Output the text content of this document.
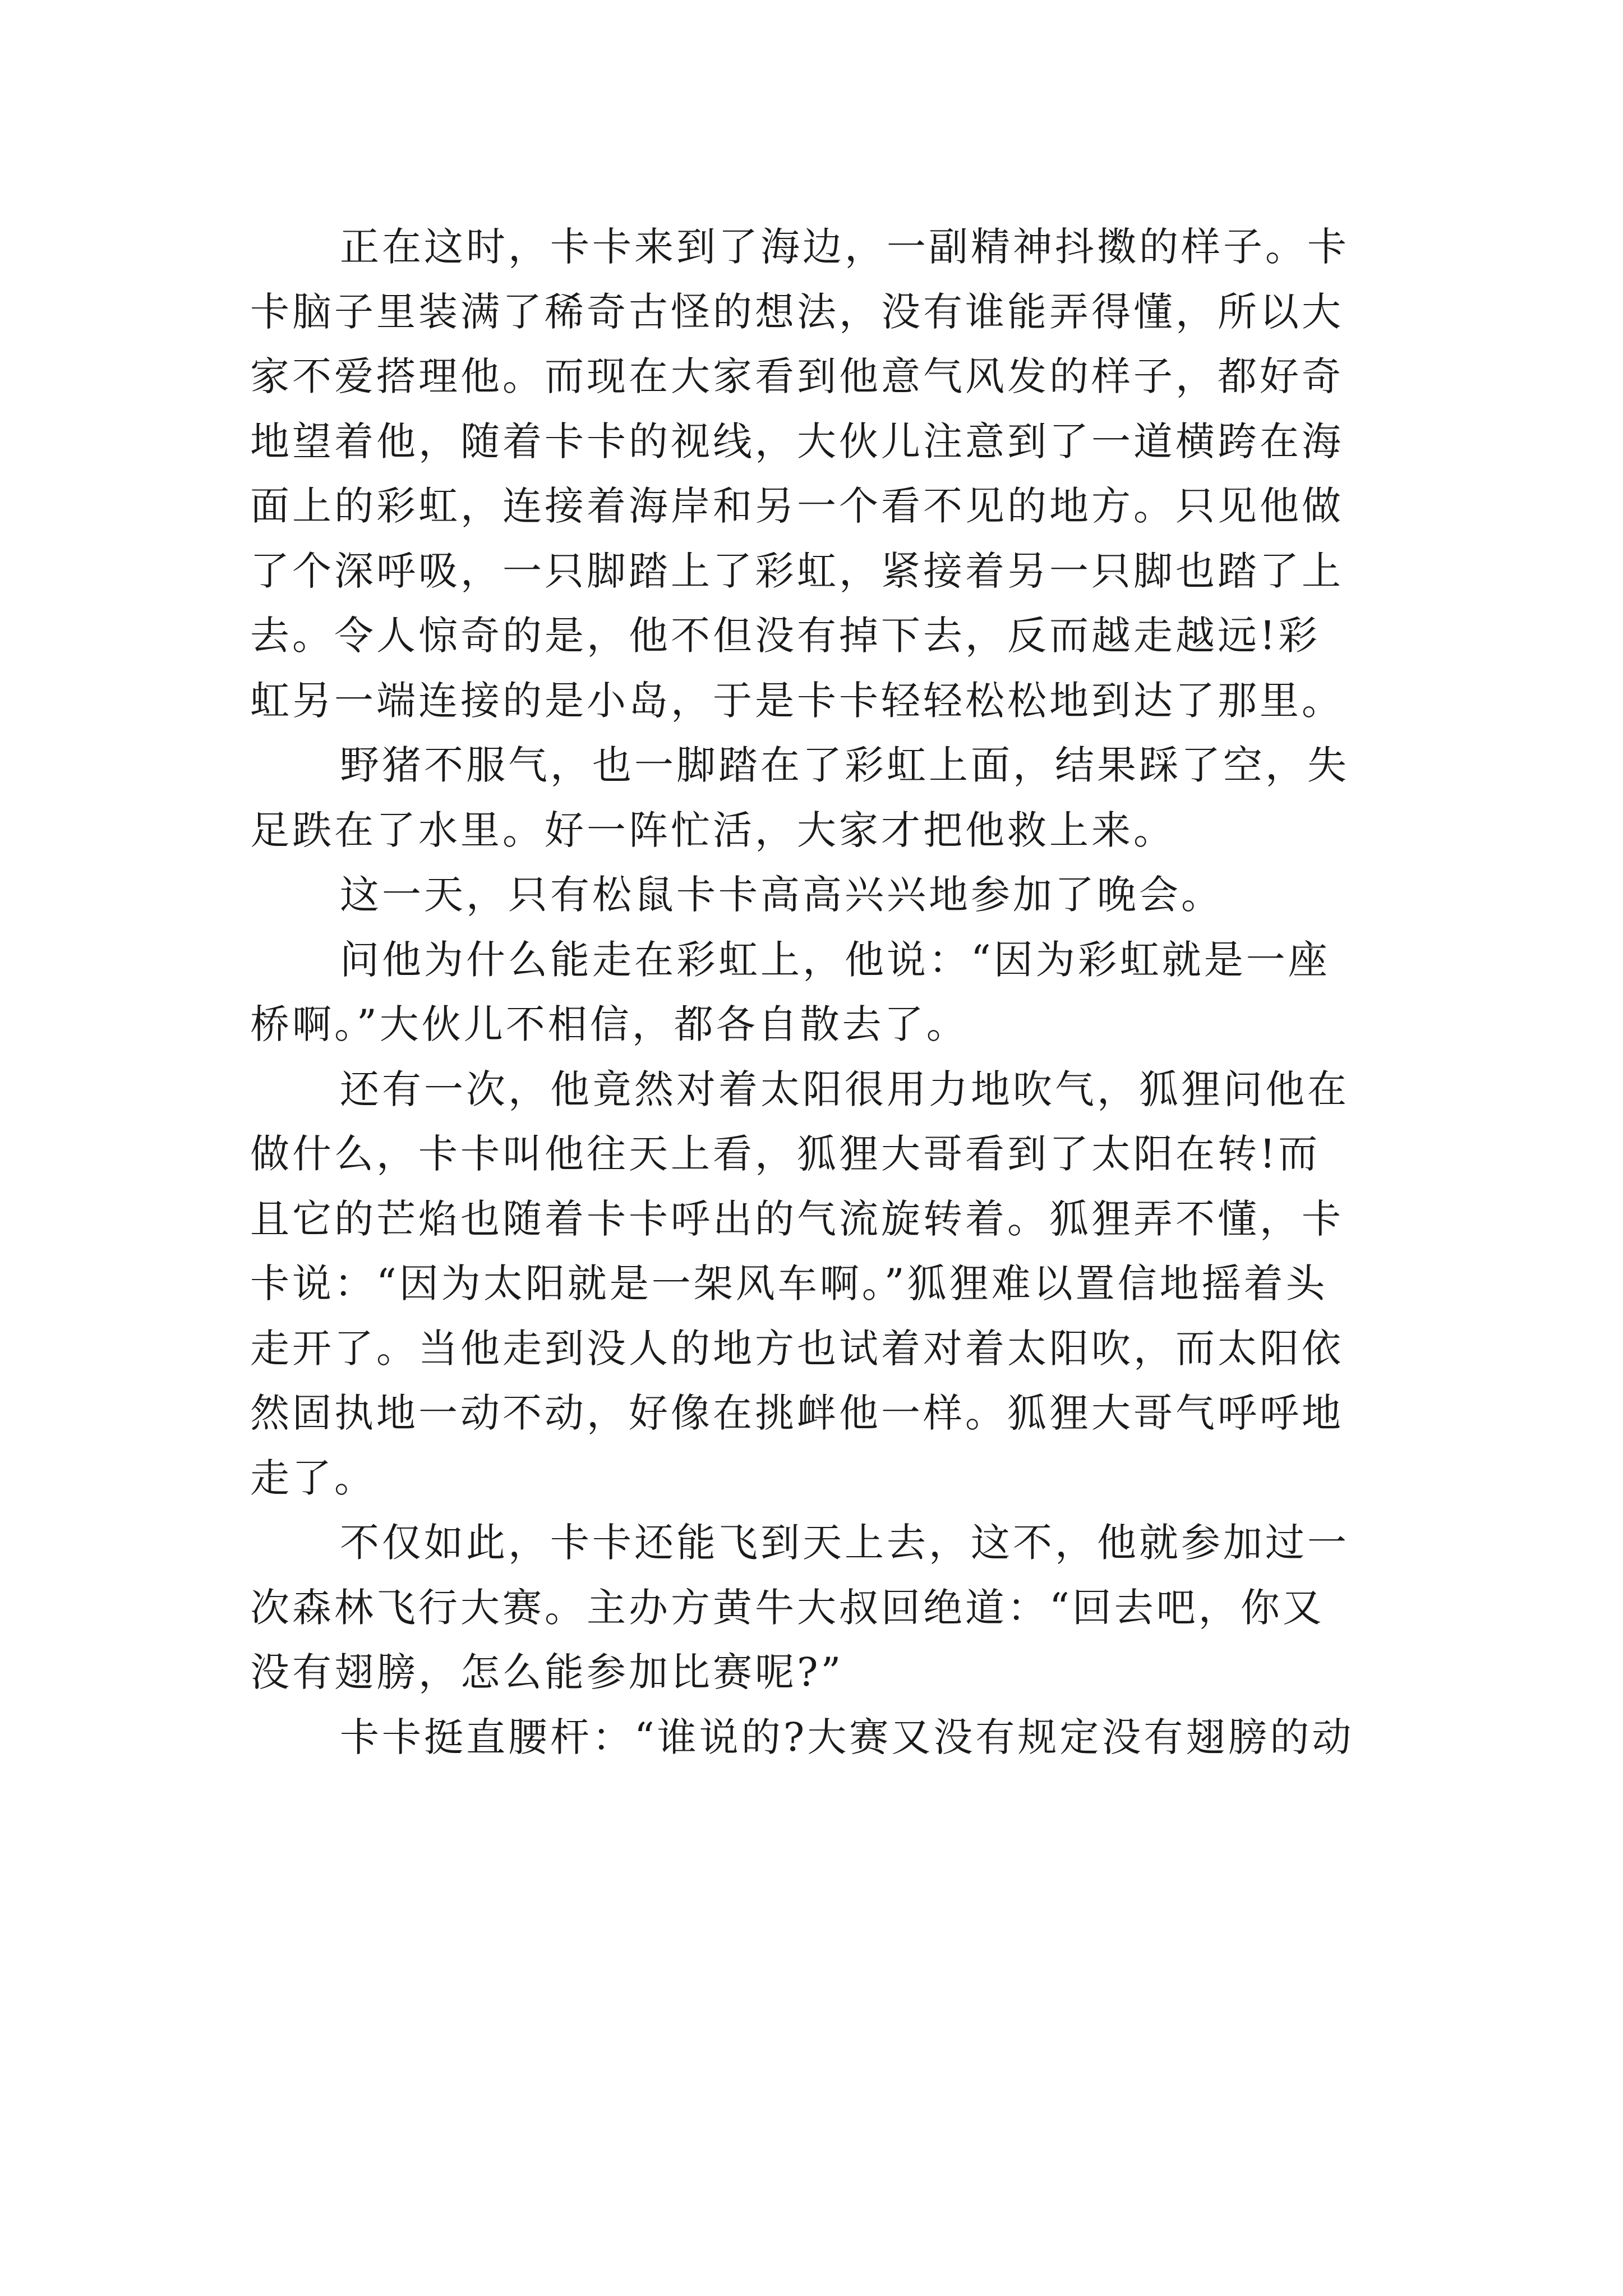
正在这时，卡卡来到了海边，一副精神抖擞的样子。卡
卡脑子里装满了稀奇古怪的想法，没有谁能弄得懂，所以大
家不爱搭理他。而现在大家看到他意气风发的样子，都好奇
地望着他，随着卡卡的视线，大伙儿注意到了一道横跨在海
面上的彩虹，连接着海岸和另一个看不见的地方。只见他做
了个深呼吸，一只脚踏上了彩虹，紧接着另一只脚也踏了上
去。令人惊奇的是，他不但没有掉下去，反而越走越远!彩
虹另一端连接的是小岛，于是卡卡轻轻松松地到达了那里。
野猪不服气，也一脚踏在了彩虹上面，结果踩了空，失
足跌在了水里。好一阵忙活，大家才把他救上来。
这一天，只有松鼠卡卡高高兴兴地参加了晚会。
问他为什么能走在彩虹上，他说：“因为彩虹就是一座
桥啊。”大伙儿不相信，都各自散去了。
还有一次，他竟然对着太阳很用力地吹气，狐狸问他在
做什么，卡卡叫他往天上看，狐狸大哥看到了太阳在转!而
且它的芒焰也随着卡卡呼出的气流旋转着。狐狸弄不懂，卡
卡说：“因为太阳就是一架风车啊。”狐狸难以置信地摇着头
走开了。当他走到没人的地方也试着对着太阳吹，而太阳依
然固执地一动不动，好像在挑衅他一样。狐狸大哥气呼呼地
走了。
不仅如此，卡卡还能飞到天上去，这不，他就参加过一
次森林飞行大赛。主办方黄牛大叔回绝道：“回去吧，你又
没有翅膀，怎么能参加比赛呢?”
卡卡挺直腰杆：“谁说的?大赛又没有规定没有翅膀的动
